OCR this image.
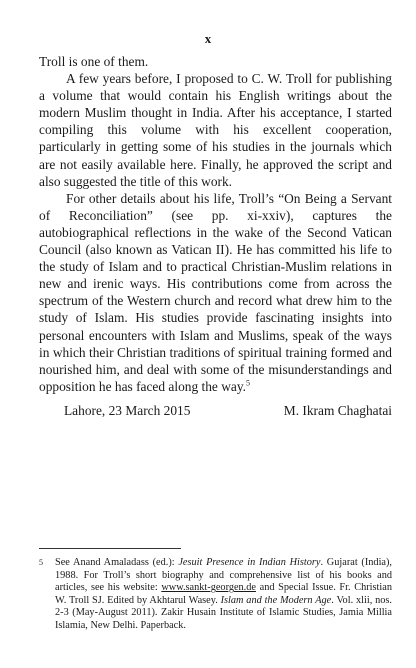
x

Troll is one of them.

A few years before, I proposed to C. W. Troll for publishing a volume that would contain his English writings about the modern Muslim thought in India. After his acceptance, I started compiling this volume with his excellent cooperation, particularly in getting some of his studies in the journals which are not easily available here. Finally, he approved the script and also suggested the title of this work.

For other details about his life, Troll’s “On Being a Servant of Reconciliation” (see pp. xi-xxiv), captures the autobiographical reflections in the wake of the Second Vatican Council (also known as Vatican II). He has committed his life to the study of Islam and to practical Christian-Muslim relations in new and irenic ways. His contributions come from across the spectrum of the Western church and record what drew him to the study of Islam. His studies provide fascinating insights into personal encounters with Islam and Muslims, speak of the ways in which their Christian traditions of spiritual training formed and nourished him, and deal with some of the misunderstandings and opposition he has faced along the way.$^5$

Lahore, 23 March 2015	M. Ikram Chaghatai
5 See Anand Amaladass (ed.): Jesuit Presence in Indian History. Gujarat (India), 1988. For Troll’s short biography and comprehensive list of his books and articles, see his website: www.sankt-georgen.de and Special Issue. Fr. Christian W. Troll SJ. Edited by Akhtarul Wasey. Islam and the Modern Age. Vol. xlii, nos. 2-3 (May-August 2011). Zakir Husain Institute of Islamic Studies, Jamia Millia Islamia, New Delhi. Paperback.
